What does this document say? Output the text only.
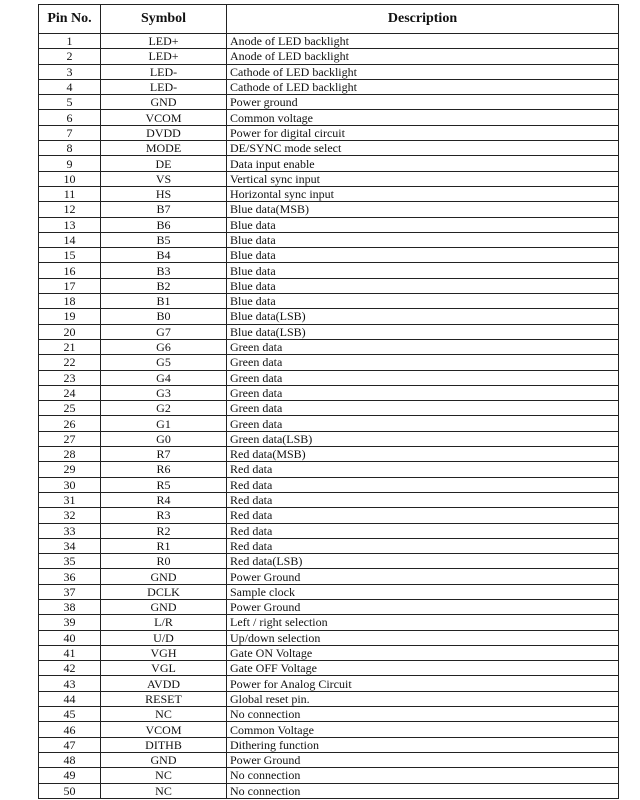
Pin No.	Symbol	Description
1	LED+	Anode of LED backlight
2	LED+	Anode of LED backlight
3	LED-	Cathode of LED backlight
4	LED-	Cathode of LED backlight
5	GND	Power ground
6	VCOM	Common voltage
7	DVDD	Power for digital circuit
8	MODE	DE/SYNC mode select
9	DE	Data input enable
10	VS	Vertical sync input
11	HS	Horizontal sync input
12	B7	Blue data(MSB)
13	B6	Blue data
14	B5	Blue data
15	B4	Blue data
16	B3	Blue data
17	B2	Blue data
18	B1	Blue data
19	B0	Blue data(LSB)
20	G7	Blue data(LSB)
21	G6	Green data
22	G5	Green data
23	G4	Green data
24	G3	Green data
25	G2	Green data
26	G1	Green data
27	G0	Green data(LSB)
28	R7	Red data(MSB)
29	R6	Red data
30	R5	Red data
31	R4	Red data
32	R3	Red data
33	R2	Red data
34	R1	Red data
35	R0	Red data(LSB)
36	GND	Power Ground
37	DCLK	Sample clock
38	GND	Power Ground
39	L/R	Left / right selection
40	U/D	Up/down selection
41	VGH	Gate ON Voltage
42	VGL	Gate OFF Voltage
43	AVDD	Power for Analog Circuit
44	RESET	Global reset pin.
45	NC	No connection
46	VCOM	Common Voltage
47	DITHB	Dithering function
48	GND	Power Ground
49	NC	No connection
50	NC	No connection
